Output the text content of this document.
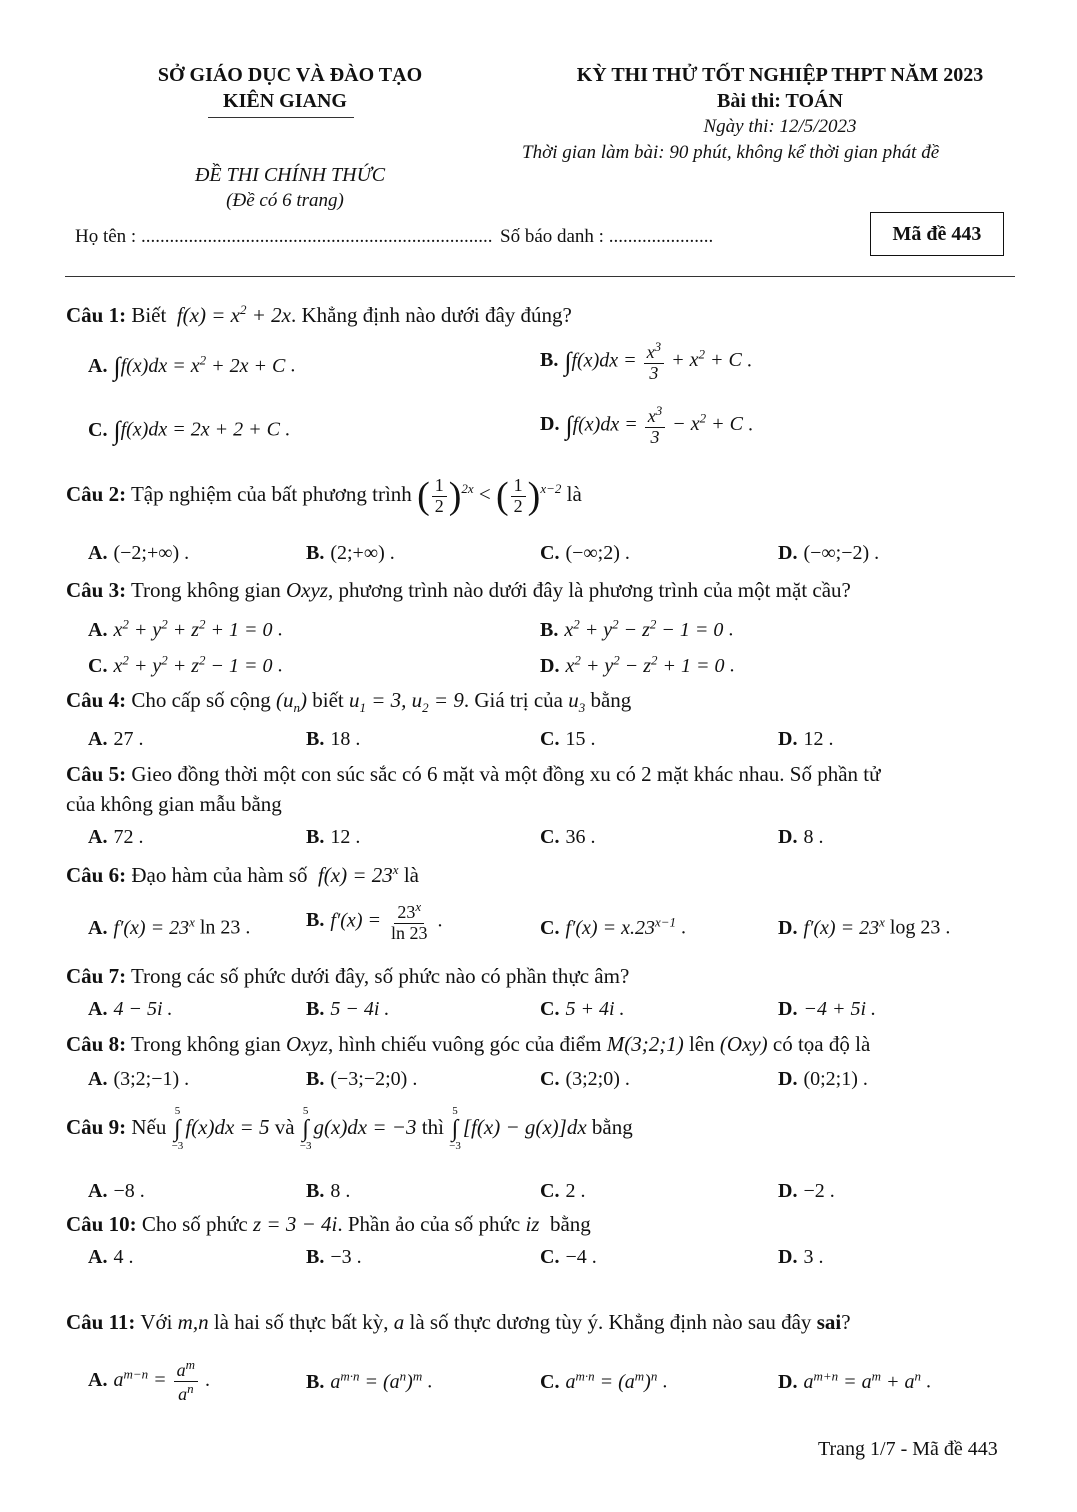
SỞ GIÁO DỤC VÀ ĐÀO TẠO
KIÊN GIANG
KỲ THI THỬ TỐT NGHIỆP THPT NĂM 2023
Bài thi: TOÁN
Ngày thi: 12/5/2023
Thời gian làm bài: 90 phút, không kể thời gian phát đề
ĐỀ THI CHÍNH THỨC
(Đề có 6 trang)
Họ tên : .......................................................................... Số báo danh : ......................	Mã đề 443
Câu 1: Biết  $f(x) = x^2 + 2x$. Khẳng định nào dưới đây đúng?
A. $\int f(x)dx = x^2 + 2x + C$ .	B. $\int f(x)dx = \frac{x^3}{3} + x^2 + C$ .
C. ∫f(x)dx = 2x + 2 + C .	D. $\int f(x)dx = \frac{x^3}{3} - x^2 + C$ .
Câu 2: Tập nghiệm của bất phương trình ( $\frac{1}{2} )^{2x}$ < ( $\frac{1}{2} )^{x-2}$ là
A. (−2;+∞) .	B. (2;+∞) .	C. (−∞;2) .	D. (−∞;−2) .
Câu 3: Trong không gian Oxyz, phương trình nào dưới đây là phương trình của một mặt cầu?
A. $x^2 + y^2 + z^2 + 1 = 0$ .	B. $x^2 + y^2 - z^2 - 1 = 0$ .
C. $x^2 + y^2 + z^2 - 1 = 0$ .	D. $x^2 + y^2 - z^2 + 1 = 0$ .
Câu 4: Cho cấp số cộng $(u_n)$ biết $u_1 = 3$, $u_2 = 9$. Giá trị của $u_3$ bằng
A. 27 .	B. 18 .	C. 15 .	D. 12 .
Câu 5: Gieo đồng thời một con súc sắc có 6 mặt và một đồng xu có 2 mặt khác nhau. Số phần tử
của không gian mẫu bằng
A. 72 .	B. 12 .	C. 36 .	D. 8 .
Câu 6: Đạo hàm của hàm số  $f(x) = 23^x$ là
A. $f'(x) = 23^x$ ln 23 .	B. $f'(x) = \frac{23^x}{\ln 23}$ .	C. $f'(x) = x.23^{x-1}$ .	D. $f'(x) = 23^x$ log 23 .
Câu 7: Trong các số phức dưới đây, số phức nào có phần thực âm?
A. 4 − 5i .	B. 5 − 4i .	C. 5 + 4i .	D. −4 + 5i .
Câu 8: Trong không gian Oxyz, hình chiếu vuông góc của điểm M(3;2;1) lên (Oxy) có tọa độ là
A. (3;2;−1) .	B. (−3;−2;0) .	C. (3;2;0) .	D. (0;2;1) .
Câu 9: Nếu
5
∫
−3
f(x)dx = 5 và
5
∫
−3
g(x)dx = −3 thì
5
∫
−3
[f(x) − g(x)]dx bằng
A. −8 .	B. 8 .	C. 2 .	D. −2 .
Câu 10: Cho số phức z = 3 − 4i. Phần ảo của số phức iz bằng
A. 4 .	B. −3 .	C. −4 .	D. 3 .
Câu 11: Với m,n là hai số thực bất kỳ, a là số thực dương tùy ý. Khẳng định nào sau đây sai?
A. $a^{m-n} = \frac{a^m}{a^n}$ .	B. $a^{m\cdot n} = (a^n)^m$ .	C. $a^{m\cdot n} = (a^m)^n$ .	D. $a^{m+n} = a^m + a^n$ .
Trang 1/7 - Mã đề 443
